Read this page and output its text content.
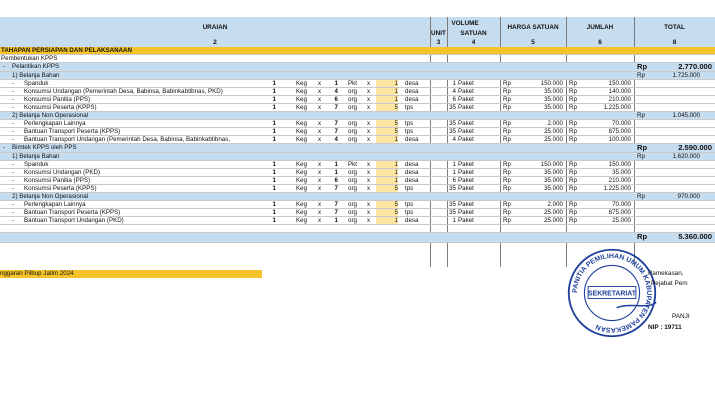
URAIAN
VOLUME
UNIT	SATUAN
HARGA SATUAN	JUMLAH	TOTAL
2	3	4	5	6	8
TAHAPAN PERSIAPAN DAN PELAKSANAAN
Pembentukan KPPS
-	Pelantikan KPPS	Rp	2.770.000
1) Belanja Bahan	Rp	1.725.000
-	Spanduk	1	Keg	x	1 Pkt	x	1 desa	1 Paket	Rp	150.000 Rp	150.000
-	Konsumsi Undangan (Pemerintah Desa, Babinsa, Babinkabtibnas, PKD)	1	Keg	x	4 org	x	1 desa	4 Paket	Rp	35.000 Rp	140.000
-	Konsumsi Panitia (PPS)	1	Keg	x	6 org	x	1 desa	6 Paket	Rp	35.000 Rp	210.000
-	Konsumsi Peserta (KPPS)	1	Keg	x	7 org	x	5 tps	35 Paket	Rp	35.000 Rp	1.225.000
2) Belanja Non Operasional	Rp	1.045.000
-	Perlengkapan Lainnya	1	Keg	x	7 org	x	5 tps	35 Paket	Rp	2.000 Rp	70.000
-	Bantuan Transport Peserta (KPPS)	1	Keg	x	7 org	x	5 tps	35 Paket	Rp	25.000 Rp	875.000
-	Bantuan Transport Undangan (Pemerintah Desa, Babinsa, Babinkabtibnas,	1	Keg	x	4 org	x	1 desa	4 Paket	Rp	25.000 Rp	100.000
-	Bimtek KPPS oleh PPS	Rp	2.590.000
1) Belanja Bahan	Rp	1.620.000
-	Spanduk	1	Keg	x	1 Pkt	x	1 desa	1 Paket	Rp	150.000 Rp	150.000
-	Konsumsi Undangan (PKD)	1	Keg	x	1 org	x	1 desa	1 Paket	Rp	35.000 Rp	35.000
-	Konsumsi Panitia (PPS)	1	Keg	x	6 org	x	1 desa	6 Paket	Rp	35.000 Rp	210.000
-	Konsumsi Peserta (KPPS)	1	Keg	x	7 org	x	5 tps	35 Paket	Rp	35.000 Rp	1.225.000
2) Belanja Non Operasional	Rp	970.000
-	Perlengkapan Lainnya	1	Keg	x	7 org	x	5 tps	35 Paket	Rp	2.000 Rp	70.000
-	Bantuan Transport Peserta (KPPS)	1	Keg	x	7 org	x	5 tps	35 Paket	Rp	25.000 Rp	875.000
-	Bantuan Transport Undangan (PKD)	1	Keg	x	1 org	x	1 desa	1 Paket	Rp	25.000 Rp	25.000
Rp	5.360.000
nggaran Pilbup Jatim 2024
PANITIA PEMILIHAN UMUM KABUPATEN PAMEKASAN
SEKRETARIAT
Pamekasan,
Pejabat Pem
PANJI
NIP : 19711
